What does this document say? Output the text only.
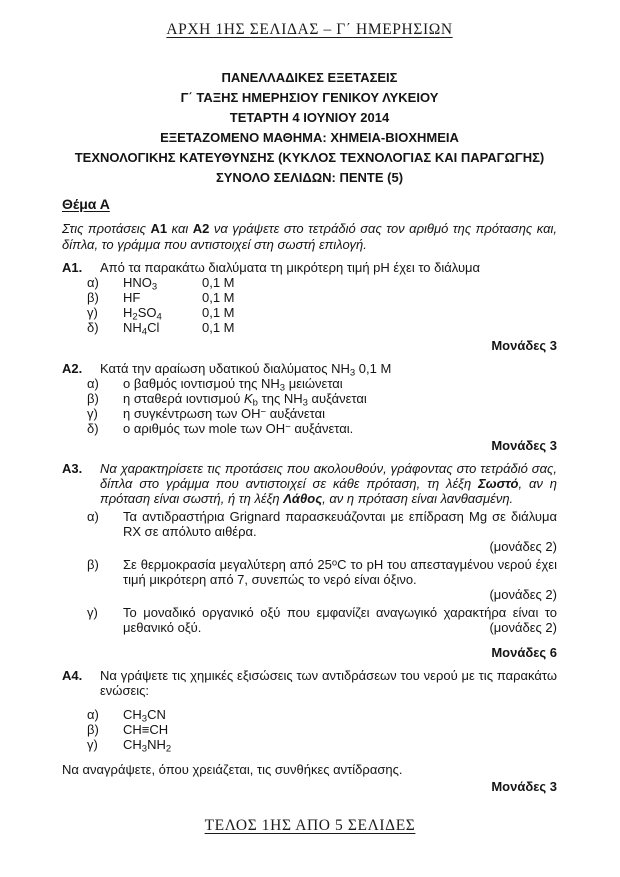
ΑΡΧΗ 1ΗΣ ΣΕΛΙΔΑΣ – Γ΄ ΗΜΕΡΗΣΙΩΝ
ΠΑΝΕΛΛΑΔΙΚΕΣ ΕΞΕΤΑΣΕΙΣ
Γ΄ ΤΑΞΗΣ ΗΜΕΡΗΣΙΟΥ ΓΕΝΙΚΟΥ ΛΥΚΕΙΟΥ
ΤΕΤΑΡΤΗ 4 ΙΟΥΝΙΟΥ 2014
ΕΞΕΤΑΖΟΜΕΝΟ ΜΑΘΗΜΑ: ΧΗΜΕΙΑ-ΒΙΟΧΗΜΕΙΑ
ΤΕΧΝΟΛΟΓΙΚΗΣ ΚΑΤΕΥΘΥΝΣΗΣ (ΚΥΚΛΟΣ ΤΕΧΝΟΛΟΓΙΑΣ ΚΑΙ ΠΑΡΑΓΩΓΗΣ)
ΣΥΝΟΛΟ ΣΕΛΙΔΩΝ: ΠΕΝΤΕ (5)
Θέμα Α
Στις προτάσεις Α1 και Α2 να γράψετε στο τετράδιό σας τον αριθμό της πρότασης και, δίπλα, το γράμμα που αντιστοιχεί στη σωστή επιλογή.
Α1.	Από τα παρακάτω διαλύματα τη μικρότερη τιμή pH έχει το διάλυμα
α)	$HNO_3$	0,1 M
β)	HF	0,1 M
γ)	$H_2SO_4$	0,1 M
δ)	$NH_4Cl$	0,1 M
Μονάδες 3
Α2.	Κατά την αραίωση υδατικού διαλύματος $NH_3$ 0,1 M
α)	ο βαθμός ιοντισμού της $NH_3$ μειώνεται
β)	η σταθερά ιοντισμού $K_b$ της $NH_3$ αυξάνεται
γ)	η συγκέντρωση των OH− αυξάνεται
δ)	ο αριθμός των mole των OH− αυξάνεται.
Μονάδες 3
Α3.	Να χαρακτηρίσετε τις προτάσεις που ακολουθούν, γράφοντας στο τετράδιό σας, δίπλα στο γράμμα που αντιστοιχεί σε κάθε πρόταση, τη λέξη Σωστό, αν η πρόταση είναι σωστή, ή τη λέξη Λάθος, αν η πρόταση είναι λανθασμένη.
α)	Τα αντιδραστήρια Grignard παρασκευάζονται με επίδραση Mg σε διάλυμα RX σε απόλυτο αιθέρα.
(μονάδες 2)
β)	Σε θερμοκρασία μεγαλύτερη από 25$^o$C το pH του απεσταγμένου νερού έχει τιμή μικρότερη από 7, συνεπώς το νερό είναι όξινο.
(μονάδες 2)
γ)	Το μοναδικό οργανικό οξύ που εμφανίζει αναγωγικό χαρακτήρα είναι το μεθανικό οξύ.	(μονάδες 2)
Μονάδες 6
Α4.	Να γράψετε τις χημικές εξισώσεις των αντιδράσεων του νερού με τις παρακάτω ενώσεις:
α)	$CH_3CN$
β)	CH≡CH
γ)	$CH_3NH_2$
Να αναγράψετε, όπου χρειάζεται, τις συνθήκες αντίδρασης.
Μονάδες 3
ΤΕΛΟΣ 1ΗΣ ΑΠΟ 5 ΣΕΛΙΔΕΣ
